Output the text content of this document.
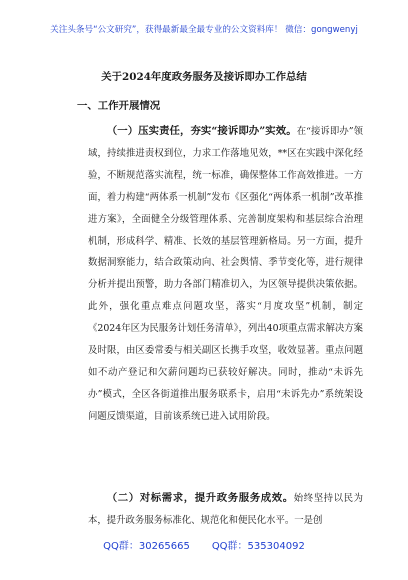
关注头条号“公文研究”，获得最新最全最专业的公文资料库！ 微信：gongwenyj
关于2024年度政务服务及接诉即办工作总结
一、工作开展情况

（一）压实责任，夯实“接诉即办”实效。在“接诉即办”领域，持续推进责权到位，力求工作落地见效，**区在实践中深化经验，不断规范落实流程，统一标准，确保整体工作高效推进。一方面，着力构建“两体系一机制”发布《区强化“两体系一机制”改革推进方案》，全面健全分级管理体系、完善制度架构和基层综合治理机制，形成科学、精准、长效的基层管理新格局。另一方面，提升数据洞察能力，结合政策动向、社会舆情、季节变化等，进行规律分析并提出预警，助力各部门精准切入，为区领导提供决策依据。此外，强化重点难点问题攻坚，落实“月度攻坚”机制，制定《2024年区为民服务计划任务清单》，列出40项重点需求解决方案及时限，由区委常委与相关副区长携手攻坚，收效显著。重点问题如不动产登记和欠薪问题均已获较好解决。同时，推动“未诉先办”模式，全区各街道推出服务联系卡，启用“未诉先办”系统架设问题反馈渠道，目前该系统已进入试用阶段。

（二）对标需求，提升政务服务成效。始终坚持以民为本，提升政务服务标准化、规范化和便民化水平。一是创

QQ群：30265665 QQ群：535304092
